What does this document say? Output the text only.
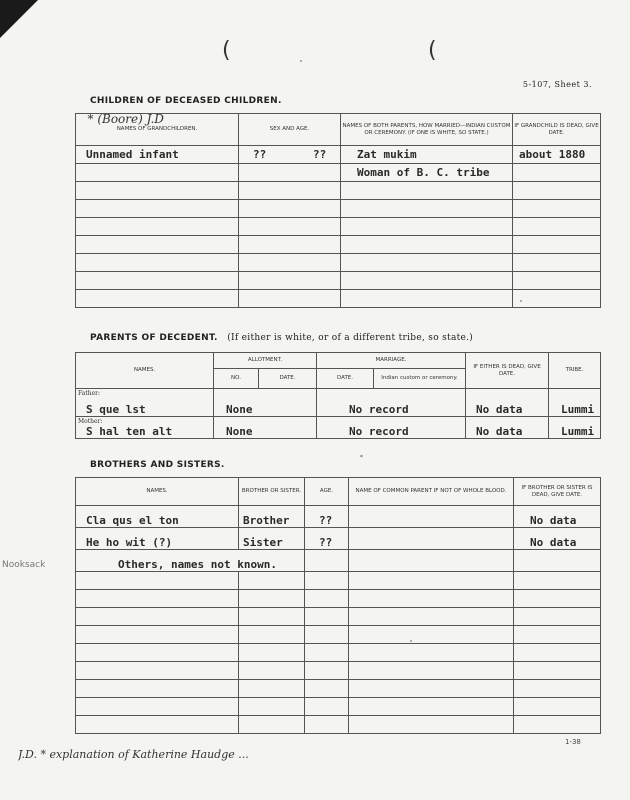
(	(
5-107, Sheet 3.
CHILDREN OF DECEASED CHILDREN.
NAMES OF GRANDCHILDREN.	SEX AND AGE.	NAMES OF BOTH PARENTS, HOW MARRIED—INDIAN CUSTOM OR CEREMONY. (IF ONE IS WHITE, SO STATE.)	IF GRANDCHILD IS DEAD, GIVE DATE.
Unnamed infant	?? ??	Zat mukim	about 1880
		Woman of B. C. tribe	

		* (Boore) J.D	

PARENTS OF DECEDENT. (If either is white, or of a different tribe, so state.)
NAMES.	ALLOTMENT.		MARRIAGE.		IF EITHER IS DEAD, GIVE DATE.	TRIBE.
	NO.	DATE.	DATE.	Indian custom or ceremony.		

Father:
S que lst	None		No record		No data	Lummi

Mother:
S hal ten alt	None		No record		No data	Lummi
BROTHERS AND SISTERS.
NAMES.	BROTHER OR SISTER.	AGE.	NAME OF COMMON PARENT IF NOT OF WHOLE BLOOD.	IF BROTHER OR SISTER IS DEAD, GIVE DATE.
Cla qus el ton	Brother	??		No data
He ho wit (?)	Sister	??		No data
Others, names not known.				

Nooksack
J.D. * explanation of Katherine Haudge ...
1-38
